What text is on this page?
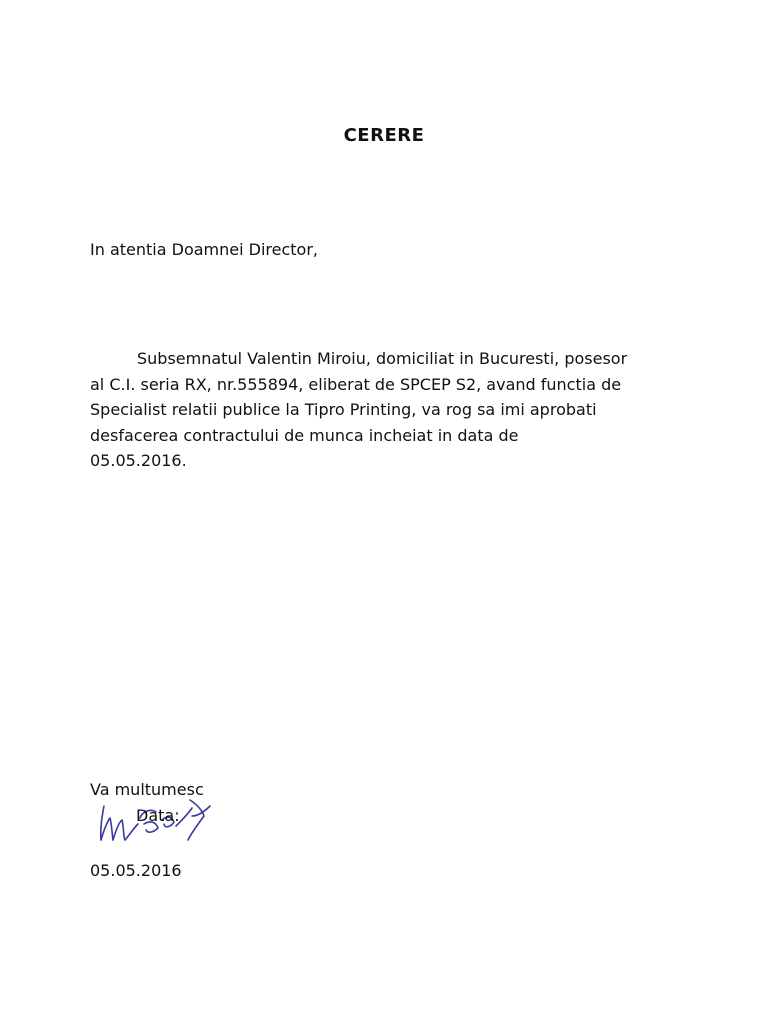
CERERE
In atentia Doamnei Director,
Subsemnatul Valentin Miroiu, domiciliat in Bucuresti, posesor
al C.I. seria RX, nr.555894, eliberat de SPCEP S2, avand functia de
Specialist relatii publice la Tipro Printing, va rog sa imi aprobati
desfacerea contractului de munca incheiat in data de
05.05.2016.
Va multumesc
Data:
05.05.2016
